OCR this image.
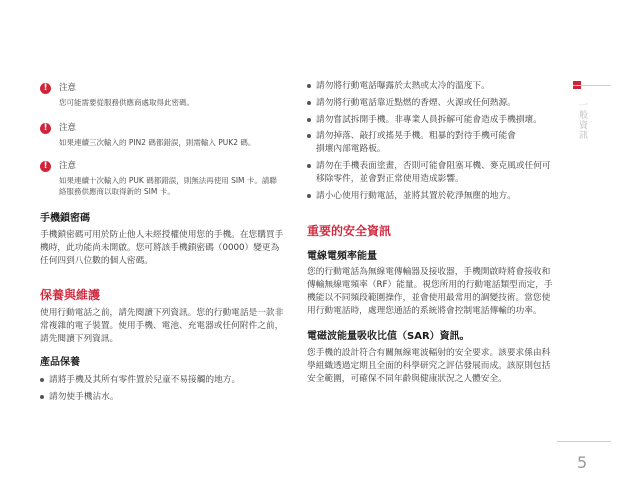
!	注意
您可能需要從服務供應商處取得此密碼。
!	注意
如果連續三次輸入的 PIN2 碼都錯誤，則需輸入 PUK2 碼。
!	注意
如果連續十次輸入的 PUK 碼都錯誤，則無法再使用 SIM 卡。請聯絡服務供應商以取得新的 SIM 卡。
手機鎖密碼
手機鎖密碼可用於防止他人未經授權使用您的手機。在您購買手機時，此功能尚未開啟。您可將該手機鎖密碼（0000）變更為任何四到八位數的個人密碼。
保養與維護
使用行動電話之前，請先閱讀下列資訊。您的行動電話是一款非常複雜的電子裝置。使用手機、電池、充電器或任何附件之前，請先閱讀下列資訊。
產品保養
請將手機及其所有零件置於兒童不易接觸的地方。
請勿使手機沾水。
請勿將行動電話曝露於太熱或太冷的溫度下。
請勿將行動電話靠近點燃的香煙、火源或任何熱源。
請勿嘗試拆開手機。非專業人員拆解可能會造成手機損壞。
請勿掉落、敲打或搖晃手機。粗暴的對待手機可能會損壞內部電路板。
請勿在手機表面塗畫，否則可能會阻塞耳機、麥克風或任何可移除零件，並會對正常使用造成影響。
請小心使用行動電話，並將其置於乾淨無塵的地方。
重要的安全資訊
電線電頻率能量
您的行動電話為無線電傳輸器及接收器，手機開啟時將會接收和傳輸無線電頻率（RF）能量。視您所用的行動電話類型而定，手機能以不同頻段範圍操作，並會使用最常用的調變技術。當您使用行動電話時，處理您通話的系統將會控制電話傳輸的功率。
電磁波能量吸收比值（SAR）資訊。
您手機的設計符合有關無線電波輻射的安全要求。該要求係由科學組織透過定期且全面的科學研究之評估發展而成。該原則包括安全範圍，可確保不同年齡與健康狀況之人體安全。
一般資訊
5
